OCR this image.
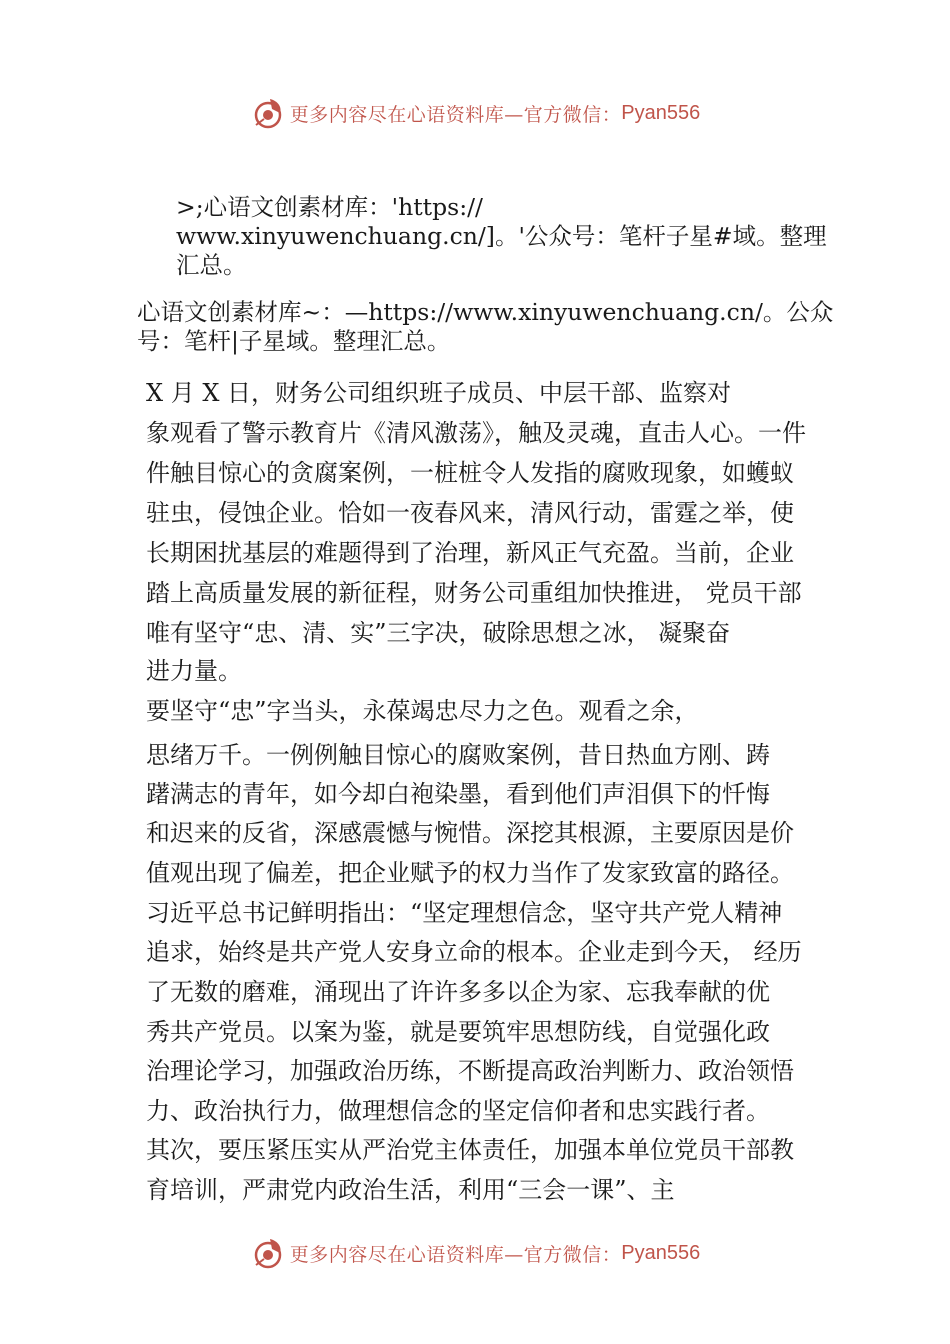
更多内容尽在心语资料库—官方微信： Pyan556
>;心语文创素材库：'https://
www.xinyuwenchuang.cn/]。'公众号：笔杆子星#域。整理
汇总。
心语文创素材库~：—https://www.xinyuwenchuang.cn/。公众
号：笔杆|子星域。整理汇总。
X 月 X 日，财务公司组织班子成员、中层干部、监察对
象观看了警示教育片《清风激荡》，触及灵魂，直击人心。一件
件触目惊心的贪腐案例，一桩桩令人发指的腐败现象，如蠖蚁
驻虫，侵蚀企业。恰如一夜春风来，清风行动，雷霆之举，使
长期困扰基层的难题得到了治理，新风正气充盈。当前，企业
踏上高质量发展的新征程，财务公司重组加快推进， 党员干部
唯有坚守“忠、清、实”三字决，破除思想之冰， 凝聚奋
进力量。
要坚守“忠”字当头，永葆竭忠尽力之色。观看之余，
思绪万千。一例例触目惊心的腐败案例，昔日热血方刚、踌
躇满志的青年，如今却白袍染墨，看到他们声泪俱下的忏悔
和迟来的反省，深感震憾与惋惜。深挖其根源，主要原因是价
值观出现了偏差，把企业赋予的权力当作了发家致富的路径。
习近平总书记鲜明指出：“坚定理想信念，坚守共产党人精神
追求，始终是共产党人安身立命的根本。企业走到今天， 经历
了无数的磨难，涌现出了许许多多以企为家、忘我奉献的优
秀共产党员。以案为鉴，就是要筑牢思想防线，自觉强化政
治理论学习，加强政治历练，不断提高政治判断力、政治领悟
力、政治执行力，做理想信念的坚定信仰者和忠实践行者。
其次，要压紧压实从严治党主体责任，加强本单位党员干部教
育培训，严肃党内政治生活，利用“三会一课”、主
更多内容尽在心语资料库—官方微信： Pyan556
